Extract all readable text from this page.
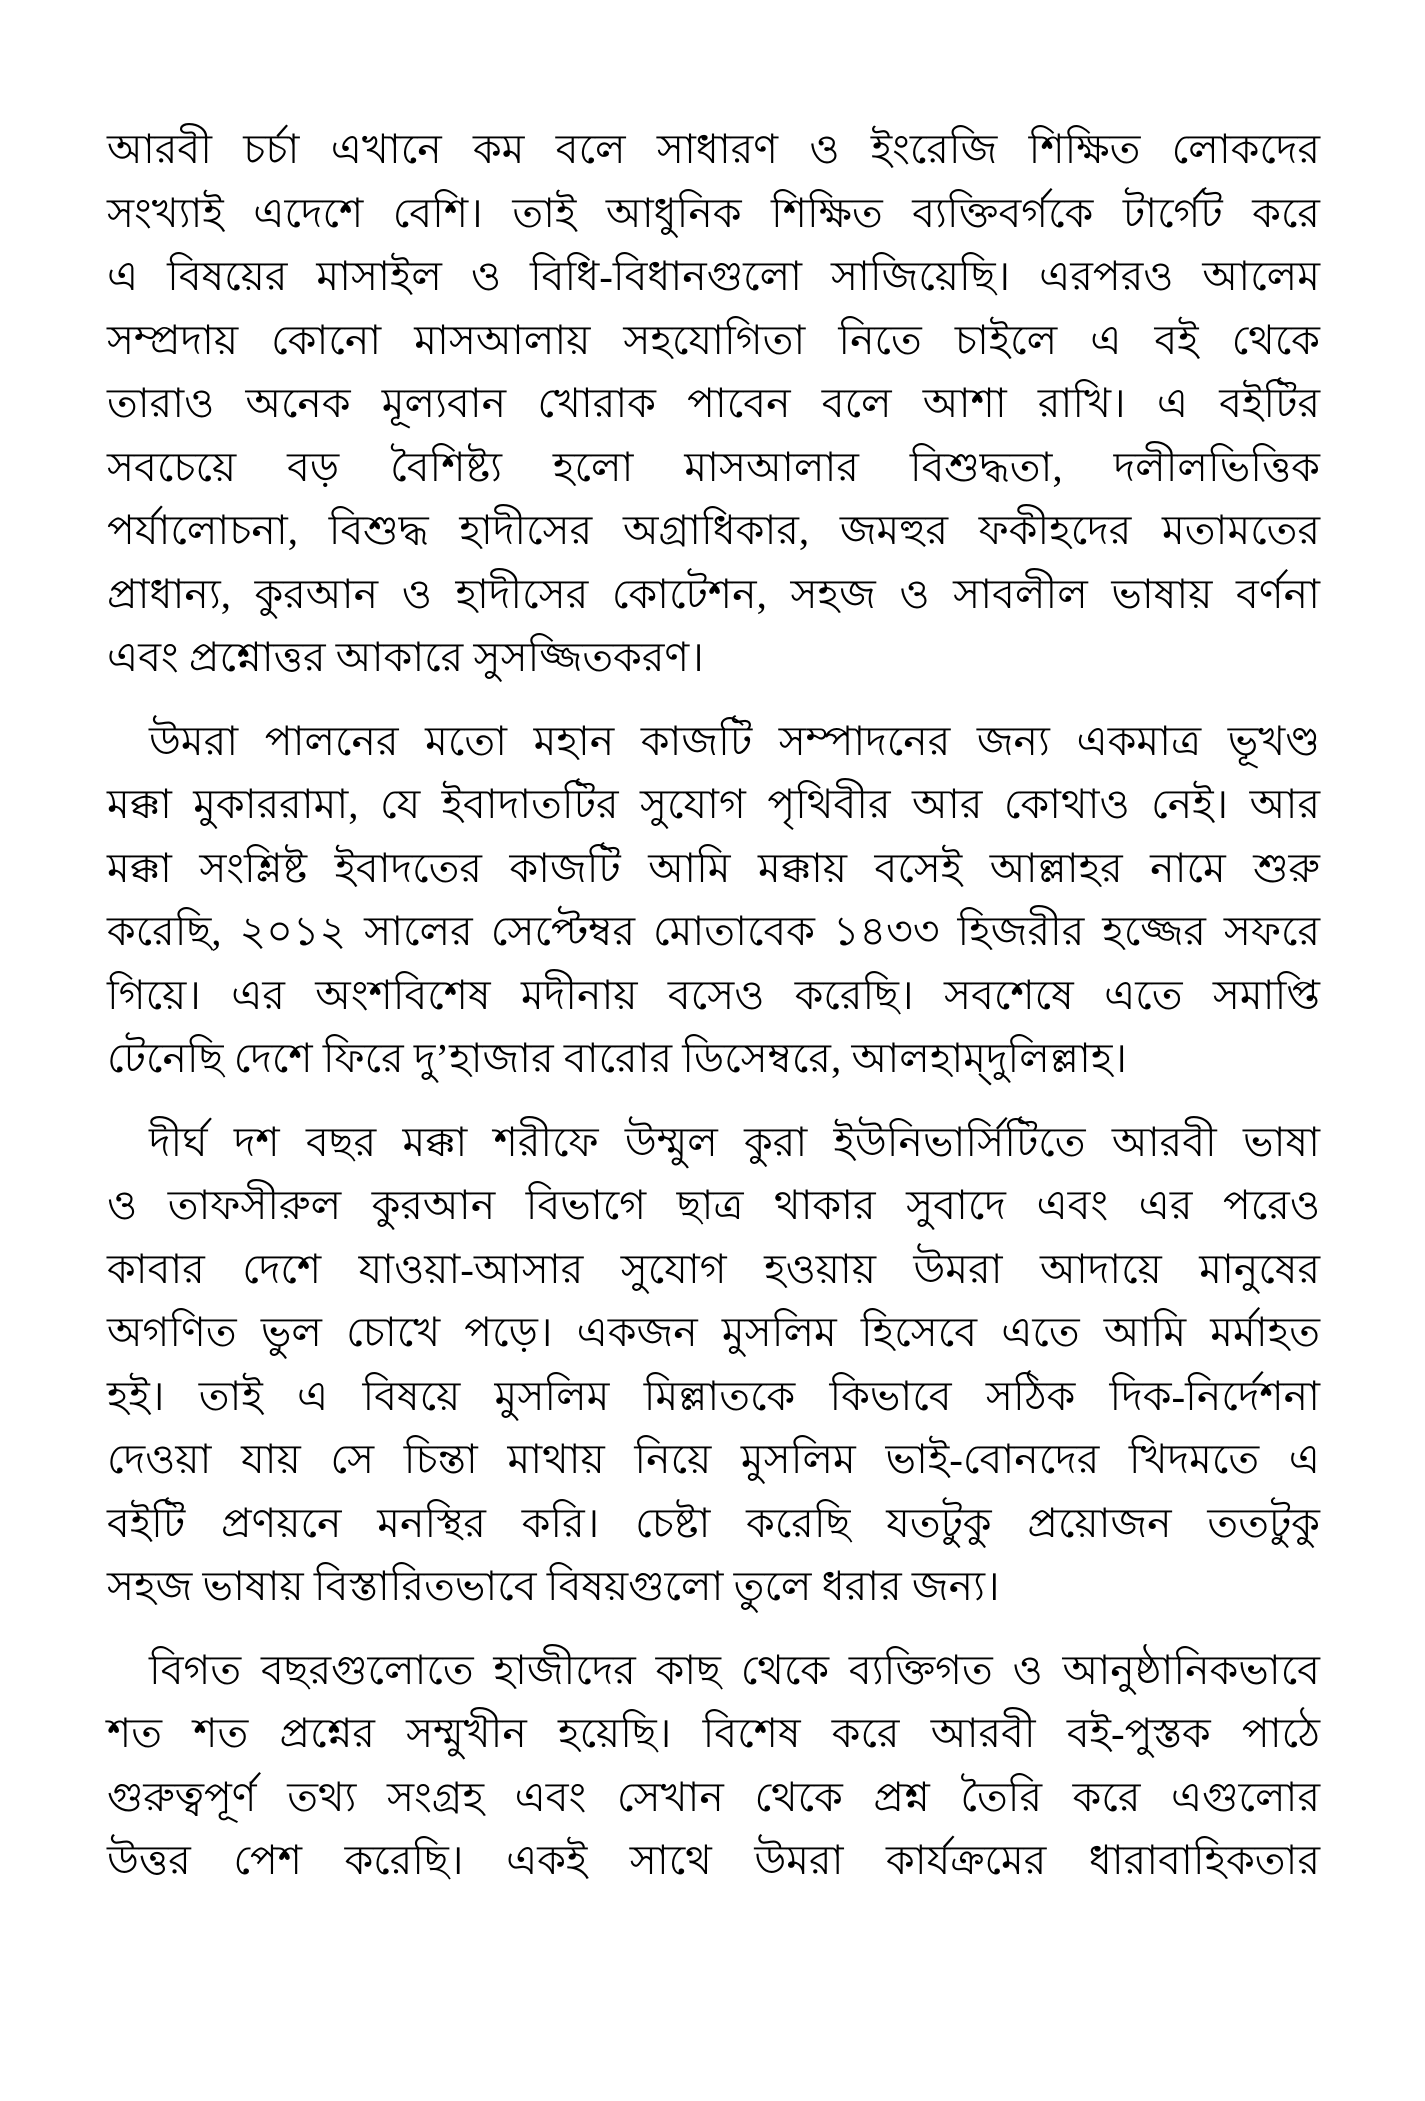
আরবী চর্চা এখানে কম বলে সাধারণ ও ইংরেজি শিক্ষিত লোকদের
সংখ্যাই এদেশে বেশি। তাই আধুনিক শিক্ষিত ব্যক্তিবর্গকে টার্গেট করে
এ বিষয়ের মাসাইল ও বিধি-বিধানগুলো সাজিয়েছি। এরপরও আলেম
সম্প্রদায় কোনো মাসআলায় সহযোগিতা নিতে চাইলে এ বই থেকে
তারাও অনেক মূল্যবান খোরাক পাবেন বলে আশা রাখি। এ বইটির
সবচেয়ে বড় বৈশিষ্ট্য হলো মাসআলার বিশুদ্ধতা, দলীলভিত্তিক
পর্যালোচনা, বিশুদ্ধ হাদীসের অগ্রাধিকার, জমহুর ফকীহদের মতামতের
প্রাধান্য, কুরআন ও হাদীসের কোটেশন, সহজ ও সাবলীল ভাষায় বর্ণনা
এবং প্রশ্নোত্তর আকারে সুসজ্জিতকরণ।
উমরা পালনের মতো মহান কাজটি সম্পাদনের জন্য একমাত্র ভূখণ্ড
মক্কা মুকাররামা, যে ইবাদাতটির সুযোগ পৃথিবীর আর কোথাও নেই। আর
মক্কা সংশ্লিষ্ট ইবাদতের কাজটি আমি মক্কায় বসেই আল্লাহর নামে শুরু
করেছি, ২০১২ সালের সেপ্টেম্বর মোতাবেক ১৪৩৩ হিজরীর হজ্জের সফরে
গিয়ে। এর অংশবিশেষ মদীনায় বসেও করেছি। সবশেষে এতে সমাপ্তি
টেনেছি দেশে ফিরে দু’হাজার বারোর ডিসেম্বরে, আলহাম্‌দুলিল্লাহ।
দীর্ঘ দশ বছর মক্কা শরীফে উম্মুল কুরা ইউনিভার্সিটিতে আরবী ভাষা
ও তাফসীরুল কুরআন বিভাগে ছাত্র থাকার সুবাদে এবং এর পরেও
কাবার দেশে যাওয়া-আসার সুযোগ হওয়ায় উমরা আদায়ে মানুষের
অগণিত ভুল চোখে পড়ে। একজন মুসলিম হিসেবে এতে আমি মর্মাহত
হই। তাই এ বিষয়ে মুসলিম মিল্লাতকে কিভাবে সঠিক দিক-নির্দেশনা
দেওয়া যায় সে চিন্তা মাথায় নিয়ে মুসলিম ভাই-বোনদের খিদমতে এ
বইটি প্রণয়নে মনস্থির করি। চেষ্টা করেছি যতটুকু প্রয়োজন ততটুকু
সহজ ভাষায় বিস্তারিতভাবে বিষয়গুলো তুলে ধরার জন্য।
বিগত বছরগুলোতে হাজীদের কাছ থেকে ব্যক্তিগত ও আনুষ্ঠানিকভাবে
শত শত প্রশ্নের সম্মুখীন হয়েছি। বিশেষ করে আরবী বই-পুস্তক পাঠে
গুরুত্বপূর্ণ তথ্য সংগ্রহ এবং সেখান থেকে প্রশ্ন তৈরি করে এগুলোর
উত্তর পেশ করেছি। একই সাথে উমরা কার্যক্রমের ধারাবাহিকতার
